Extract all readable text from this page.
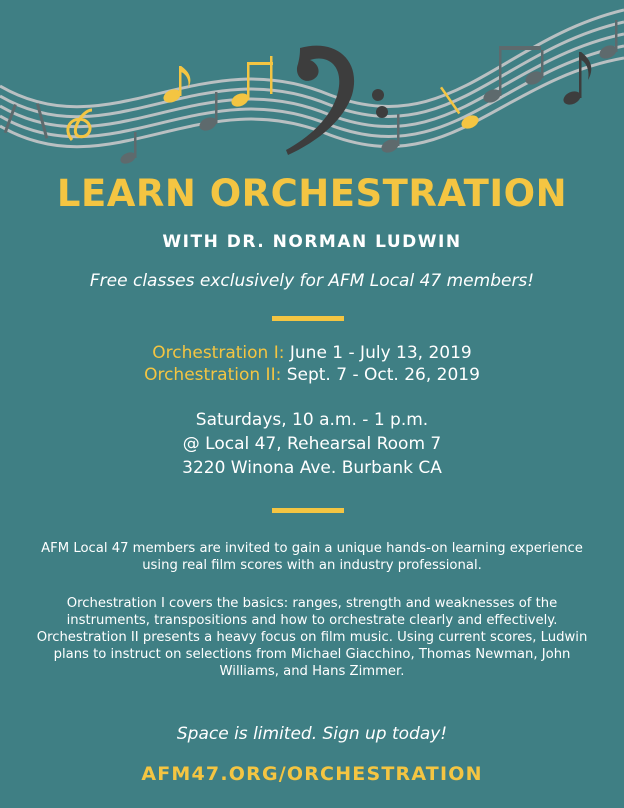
LEARN ORCHESTRATION
WITH DR. NORMAN LUDWIN
Free classes exclusively for AFM Local 47 members!
Orchestration I: June 1 - July 13, 2019
Orchestration II: Sept. 7 - Oct. 26, 2019
Saturdays, 10 a.m. - 1 p.m.
@ Local 47, Rehearsal Room 7
3220 Winona Ave. Burbank CA
AFM Local 47 members are invited to gain a unique hands-on learning experience using real film scores with an industry professional.
Orchestration I covers the basics: ranges, strength and weaknesses of the instruments, transpositions and how to orchestrate clearly and effectively. Orchestration II presents a heavy focus on film music. Using current scores, Ludwin plans to instruct on selections from Michael Giacchino, Thomas Newman, John Williams, and Hans Zimmer.
Space is limited. Sign up today!
AFM47.ORG/ORCHESTRATION
